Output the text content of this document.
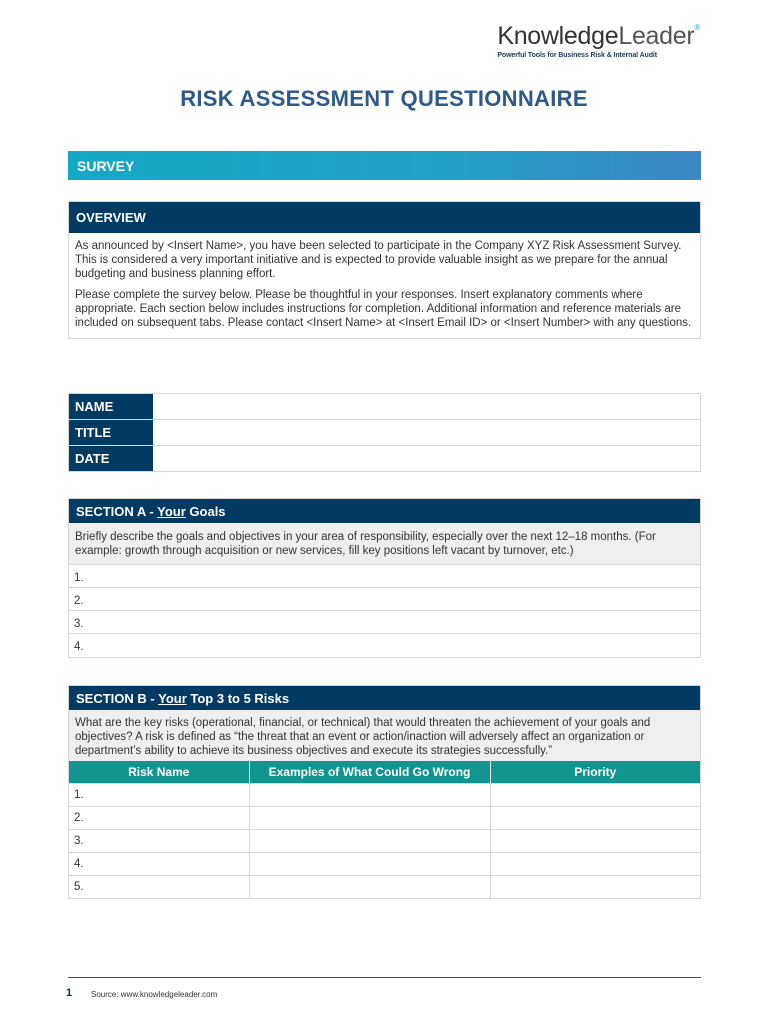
KnowledgeLeader®
Powerful Tools for Business Risk & Internal Audit
RISK ASSESSMENT QUESTIONNAIRE
SURVEY
OVERVIEW

As announced by <Insert Name>, you have been selected to participate in the Company XYZ Risk Assessment Survey. This is considered a very important initiative and is expected to provide valuable insight as we prepare for the annual budgeting and business planning effort.

Please complete the survey below. Please be thoughtful in your responses. Insert explanatory comments where appropriate. Each section below includes instructions for completion. Additional information and reference materials are included on subsequent tabs. Please contact <Insert Name> at <Insert Email ID> or <Insert Number> with any questions.

NAME
TITLE
DATE
SECTION A - Your Goals
Briefly describe the goals and objectives in your area of responsibility, especially over the next 12–18 months. (For example: growth through acquisition or new services, fill key positions left vacant by turnover, etc.)
1.
2.
3.
4.
SECTION B - Your Top 3 to 5 Risks
What are the key risks (operational, financial, or technical) that would threaten the achievement of your goals and objectives? A risk is defined as “the threat that an event or action/inaction will adversely affect an organization or department’s ability to achieve its business objectives and execute its strategies successfully.”
Risk Name	Examples of What Could Go Wrong	Priority
1.		
2.		
3.		
4.		
5.		
1 Source: www.knowledgeleader.com
